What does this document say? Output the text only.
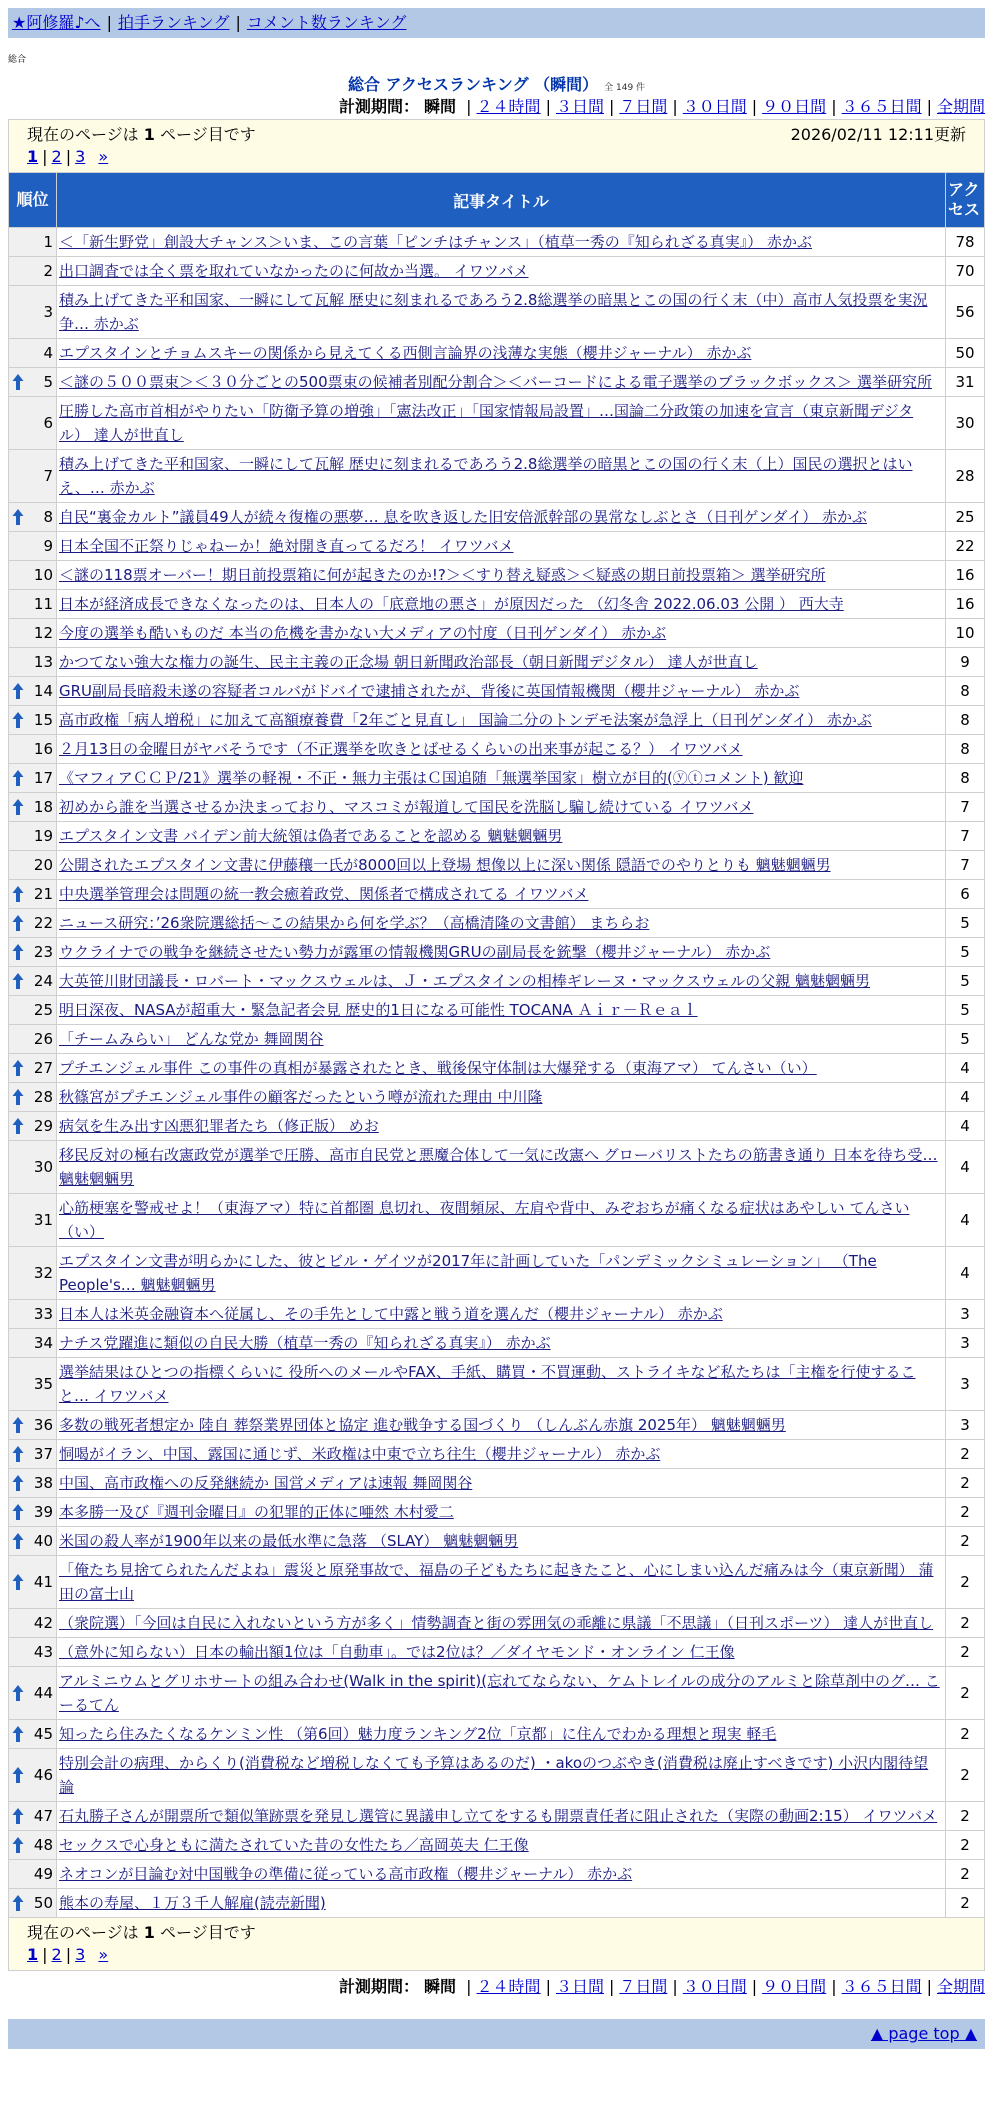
★阿修羅♪へ | 拍手ランキング | コメント数ランキング
総合
総合 アクセスランキング （瞬間） 全 149 件
計測期間： 瞬間 | ２４時間 | ３日間 | ７日間 | ３０日間 | ９０日間 | ３６５日間 | 全期間
現在のページは 1 ページ目です 2026/02/11 12:11更新
1 | 2 | 3 »		

順位	記事タイトル	アクセス
1	＜「新生野党」創設大チャンス＞いま、この言葉「ピンチはチャンス」（植草一秀の『知られざる真実』） 赤かぶ	78
2	出口調査では全く票を取れていなかったのに何故か当選。 イワツバメ	70
3	積み上げてきた平和国家、一瞬にして瓦解 歴史に刻まれるであろう2.8総選挙の暗黒とこの国の行く末（中）高市人気投票を実況争… 赤かぶ	56
4	エプスタインとチョムスキーの関係から見えてくる西側言論界の浅薄な実態（櫻井ジャーナル） 赤かぶ	50

5	＜謎の５００票束＞＜３０分ごとの500票束の候補者別配分割合＞＜バーコードによる電子選挙のブラックボックス＞ 選挙研究所	31
6	圧勝した高市首相がやりたい「防衛予算の増強」「憲法改正」「国家情報局設置」…国論二分政策の加速を宣言（東京新聞デジタル） 達人が世直し	30
7	積み上げてきた平和国家、一瞬にして瓦解 歴史に刻まれるであろう2.8総選挙の暗黒とこの国の行く末（上）国民の選択とはいえ、… 赤かぶ	28

8	自民“裏金カルト”議員49人が続々復権の悪夢… 息を吹き返した旧安倍派幹部の異常なしぶとさ（日刊ゲンダイ） 赤かぶ	25
9	日本全国不正祭りじゃねーか！絶対開き直ってるだろ！ イワツバメ	22
10	＜謎の118票オーバー！期日前投票箱に何が起きたのか!?＞＜すり替え疑惑＞＜疑惑の期日前投票箱＞ 選挙研究所	16
11	日本が経済成長できなくなったのは、日本人の「底意地の悪さ」が原因だった （幻冬舎 2022.06.03 公開 ） 西大寺	16
12	今度の選挙も酷いものだ 本当の危機を書かない大メディアの忖度（日刊ゲンダイ） 赤かぶ	10
13	かつてない強大な権力の誕生、民主主義の正念場 朝日新聞政治部長（朝日新聞デジタル） 達人が世直し	9

14	GRU副局長暗殺未遂の容疑者コルバがドバイで逮捕されたが、背後に英国情報機関（櫻井ジャーナル） 赤かぶ	8

15	高市政権「病人増税」に加えて高額療養費「2年ごと見直し」 国論二分のトンデモ法案が急浮上（日刊ゲンダイ） 赤かぶ	8
16	２月13日の金曜日がヤバそうです（不正選挙を吹きとばせるくらいの出来事が起こる？） イワツバメ	8

17	《マフィアＣＣＰ/21》選挙の軽視・不正・無力主張はＣ国追随「無選挙国家」樹立が目的(ⓨⓣコメント) 歓迎	8

18	初めから誰を当選させるか決まっており、マスコミが報道して国民を洗脳し騙し続けている イワツバメ	7
19	エプスタイン文書 バイデン前大統領は偽者であることを認める 魑魅魍魎男	7
20	公開されたエプスタイン文書に伊藤穰一氏が8000回以上登場 想像以上に深い関係 隠語でのやりとりも 魑魅魍魎男	7

21	中央選挙管理会は問題の統一教会癒着政党、関係者で構成されてる イワツバメ	6

22	ニュース研究：’26衆院選総括～この結果から何を学ぶ？（高橋清隆の文書館） まちらお	5

23	ウクライナでの戦争を継続させたい勢力が露軍の情報機関GRUの副局長を銃撃（櫻井ジャーナル） 赤かぶ	5

24	大英笹川財団議長・ロバート・マックスウェルは、Ｊ・エプスタインの相棒ギレーヌ・マックスウェルの父親 魑魅魍魎男	5
25	明日深夜、NASAが超重大・緊急記者会見 歴史的1日になる可能性 TOCANA Ａｉｒ－Ｒｅａｌ	5
26	「チームみらい」 どんな党か 舞岡関谷	5

27	プチエンジェル事件 この事件の真相が暴露されたとき、戦後保守体制は大爆発する（東海アマ） てんさい（い）	4

28	秋篠宮がプチエンジェル事件の顧客だったという噂が流れた理由 中川隆	4

29	病気を生み出す凶悪犯罪者たち（修正版） めお	4
30	移民反対の極右改憲政党が選挙で圧勝、高市自民党と悪魔合体して一気に改憲へ グローバリストたちの筋書き通り 日本を待ち受… 魑魅魍魎男	4
31	心筋梗塞を警戒せよ！（東海アマ）特に首都圏 息切れ、夜間頻尿、左肩や背中、みぞおちが痛くなる症状はあやしい てんさい（い）	4
32	エプスタイン文書が明らかにした、彼とビル・ゲイツが2017年に計画していた「パンデミックシミュレーション」 （The People's… 魑魅魍魎男	4
33	日本人は米英金融資本へ従属し、その手先として中露と戦う道を選んだ（櫻井ジャーナル） 赤かぶ	3
34	ナチス党躍進に類似の自民大勝（植草一秀の『知られざる真実』） 赤かぶ	3
35	選挙結果はひとつの指標くらいに 役所へのメールやFAX、手紙、購買・不買運動、ストライキなど私たちは「主権を行使すること… イワツバメ	3

36	多数の戦死者想定か 陸自 葬祭業界団体と協定 進む戦争する国づくり （しんぶん赤旗 2025年） 魑魅魍魎男	3

37	恫喝がイラン、中国、露国に通じず、米政権は中東で立ち往生（櫻井ジャーナル） 赤かぶ	2

38	中国、高市政権への反発継続か 国営メディアは速報 舞岡関谷	2

39	本多勝一及び『週刊金曜日』の犯罪的正体に唖然 木村愛二	2

40	米国の殺人率が1900年以来の最低水準に急落 （SLAY） 魑魅魍魎男	2

41	「俺たち見捨てられたんだよね」震災と原発事故で、福島の子どもたちに起きたこと、心にしまい込んだ痛みは今（東京新聞） 蒲田の富士山	2
42	（衆院選）「今回は自民に入れないという方が多く」情勢調査と街の雰囲気の乖離に県議「不思議」（日刊スポーツ） 達人が世直し	2
43	（意外に知らない）日本の輸出額1位は「自動車」。では2位は？／ダイヤモンド・オンライン 仁王像	2

44	アルミニウムとグリホサートの組み合わせ(Walk in the spirit)(忘れてならない、ケムトレイルの成分のアルミと除草剤中のグ… こーるてん	2

45	知ったら住みたくなるケンミン性 （第6回）魅力度ランキング2位「京都」に住んでわかる理想と現実 軽毛	2

46	特別会計の病理、からくり(消費税など増税しなくても予算はあるのだ) ・akoのつぶやき(消費税は廃止すべきです) 小沢内閣待望論	2

47	石丸勝子さんが開票所で類似筆跡票を発見し選管に異議申し立てをするも開票責任者に阻止された（実際の動画2:15） イワツバメ	2

48	セックスで心身ともに満たされていた昔の女性たち／高岡英夫 仁王像	2
49	ネオコンが目論む対中国戦争の準備に従っている高市政権（櫻井ジャーナル） 赤かぶ	2

50	熊本の寿屋、１万３千人解雇(読売新聞)	2

現在のページは 1 ページ目です
1 | 2 | 3 »		
計測期間： 瞬間 | ２４時間 | ３日間 | ７日間 | ３０日間 | ９０日間 | ３６５日間 | 全期間
▲ page top ▲
